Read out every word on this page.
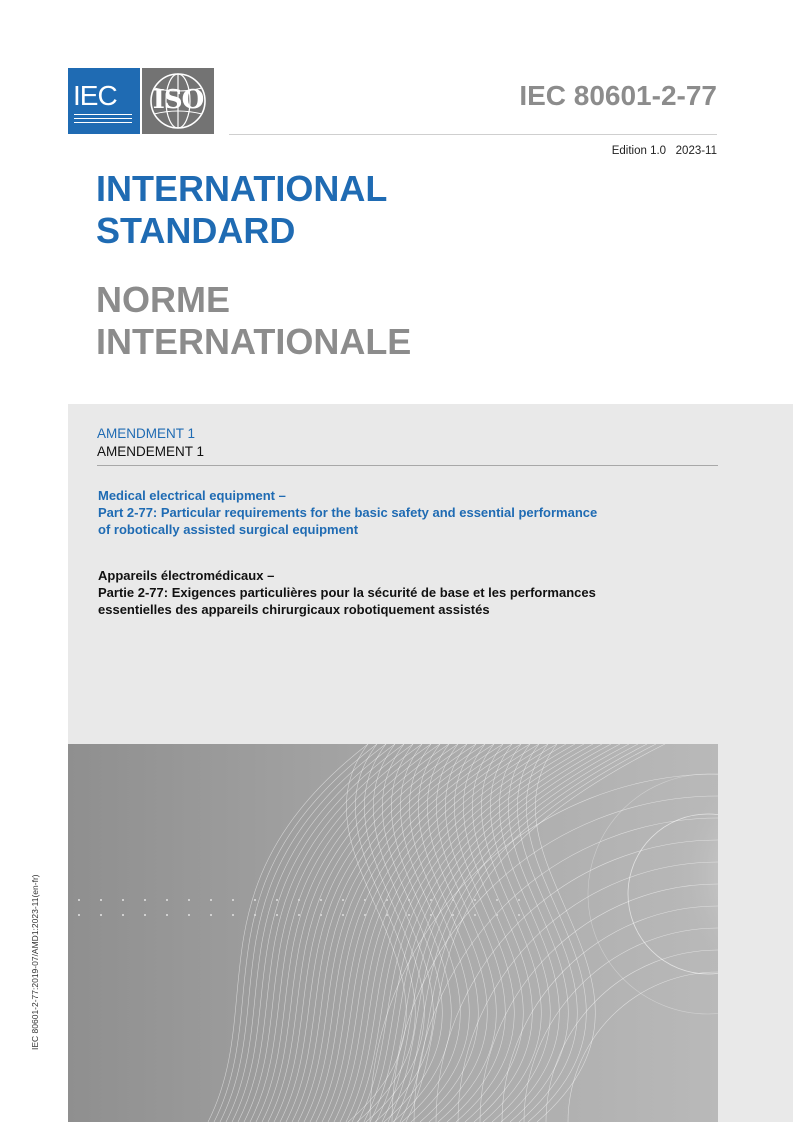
IEC ISO	IEC 80601-2-77
Edition 1.0   2023-11
INTERNATIONAL
STANDARD
NORME
INTERNATIONALE
AMENDMENT 1
AMENDEMENT 1
Medical electrical equipment –
Part 2-77: Particular requirements for the basic safety and essential performance
of robotically assisted surgical equipment
Appareils électromédicaux –
Partie 2-77: Exigences particulières pour la sécurité de base et les performances
essentielles des appareils chirurgicaux robotiquement assistés
IEC 80601-2-77:2019-07/AMD1:2023-11(en-fr)
